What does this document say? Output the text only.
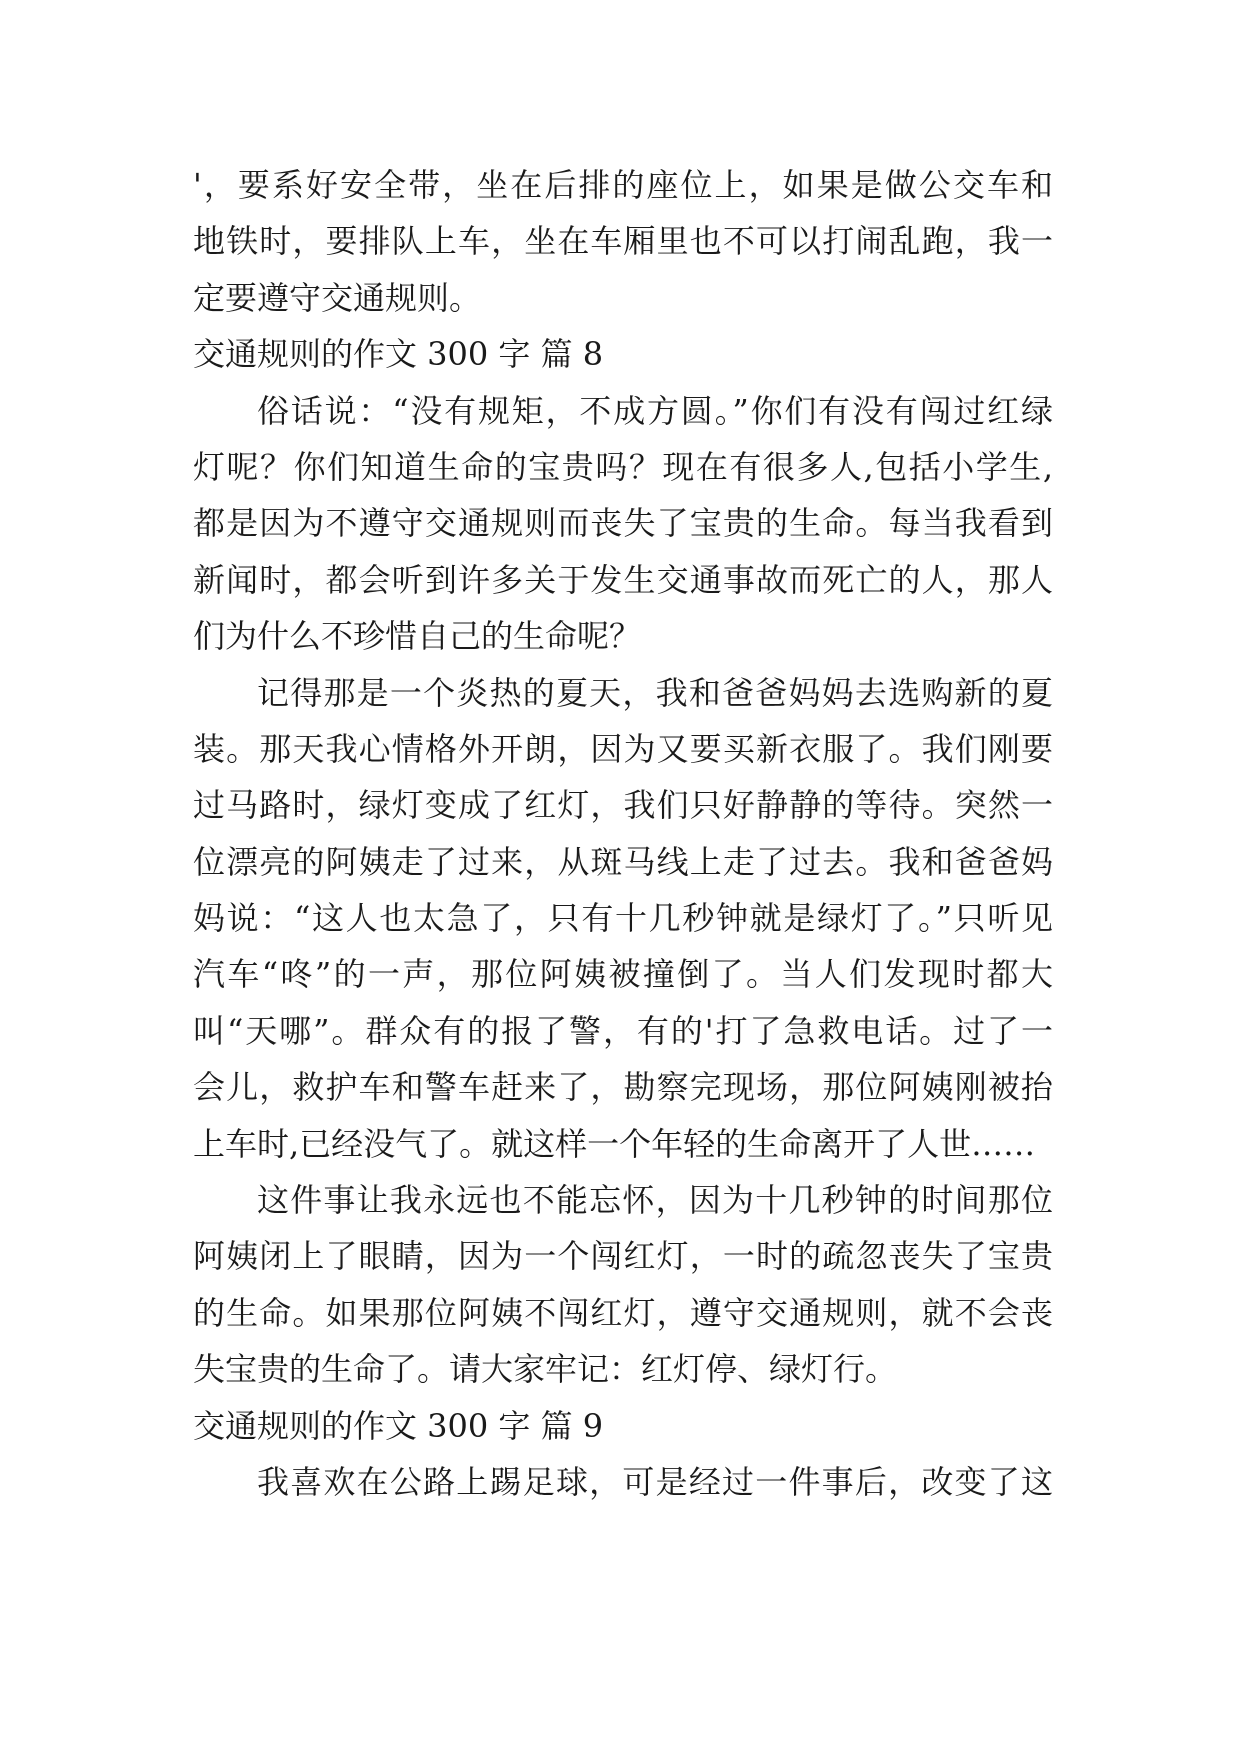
'，要系好安全带，坐在后排的座位上，如果是做公交车和
地铁时，要排队上车，坐在车厢里也不可以打闹乱跑，我一
定要遵守交通规则。
交通规则的作文 300 字 篇 8
俗话说：“没有规矩，不成方圆。”你们有没有闯过红绿
灯呢？你们知道生命的宝贵吗？现在有很多人,包括小学生,
都是因为不遵守交通规则而丧失了宝贵的生命。每当我看到
新闻时，都会听到许多关于发生交通事故而死亡的人，那人
们为什么不珍惜自己的生命呢？
记得那是一个炎热的夏天，我和爸爸妈妈去选购新的夏
装。那天我心情格外开朗，因为又要买新衣服了。我们刚要
过马路时，绿灯变成了红灯，我们只好静静的等待。突然一
位漂亮的阿姨走了过来，从斑马线上走了过去。我和爸爸妈
妈说：“这人也太急了，只有十几秒钟就是绿灯了。”只听见
汽车“咚”的一声，那位阿姨被撞倒了。当人们发现时都大
叫“天哪”。群众有的报了警，有的'打了急救电话。过了一
会儿，救护车和警车赶来了，勘察完现场，那位阿姨刚被抬
上车时,已经没气了。就这样一个年轻的生命离开了人世……
这件事让我永远也不能忘怀，因为十几秒钟的时间那位
阿姨闭上了眼睛，因为一个闯红灯，一时的疏忽丧失了宝贵
的生命。如果那位阿姨不闯红灯，遵守交通规则，就不会丧
失宝贵的生命了。请大家牢记：红灯停、绿灯行。
交通规则的作文 300 字 篇 9
我喜欢在公路上踢足球，可是经过一件事后，改变了这
